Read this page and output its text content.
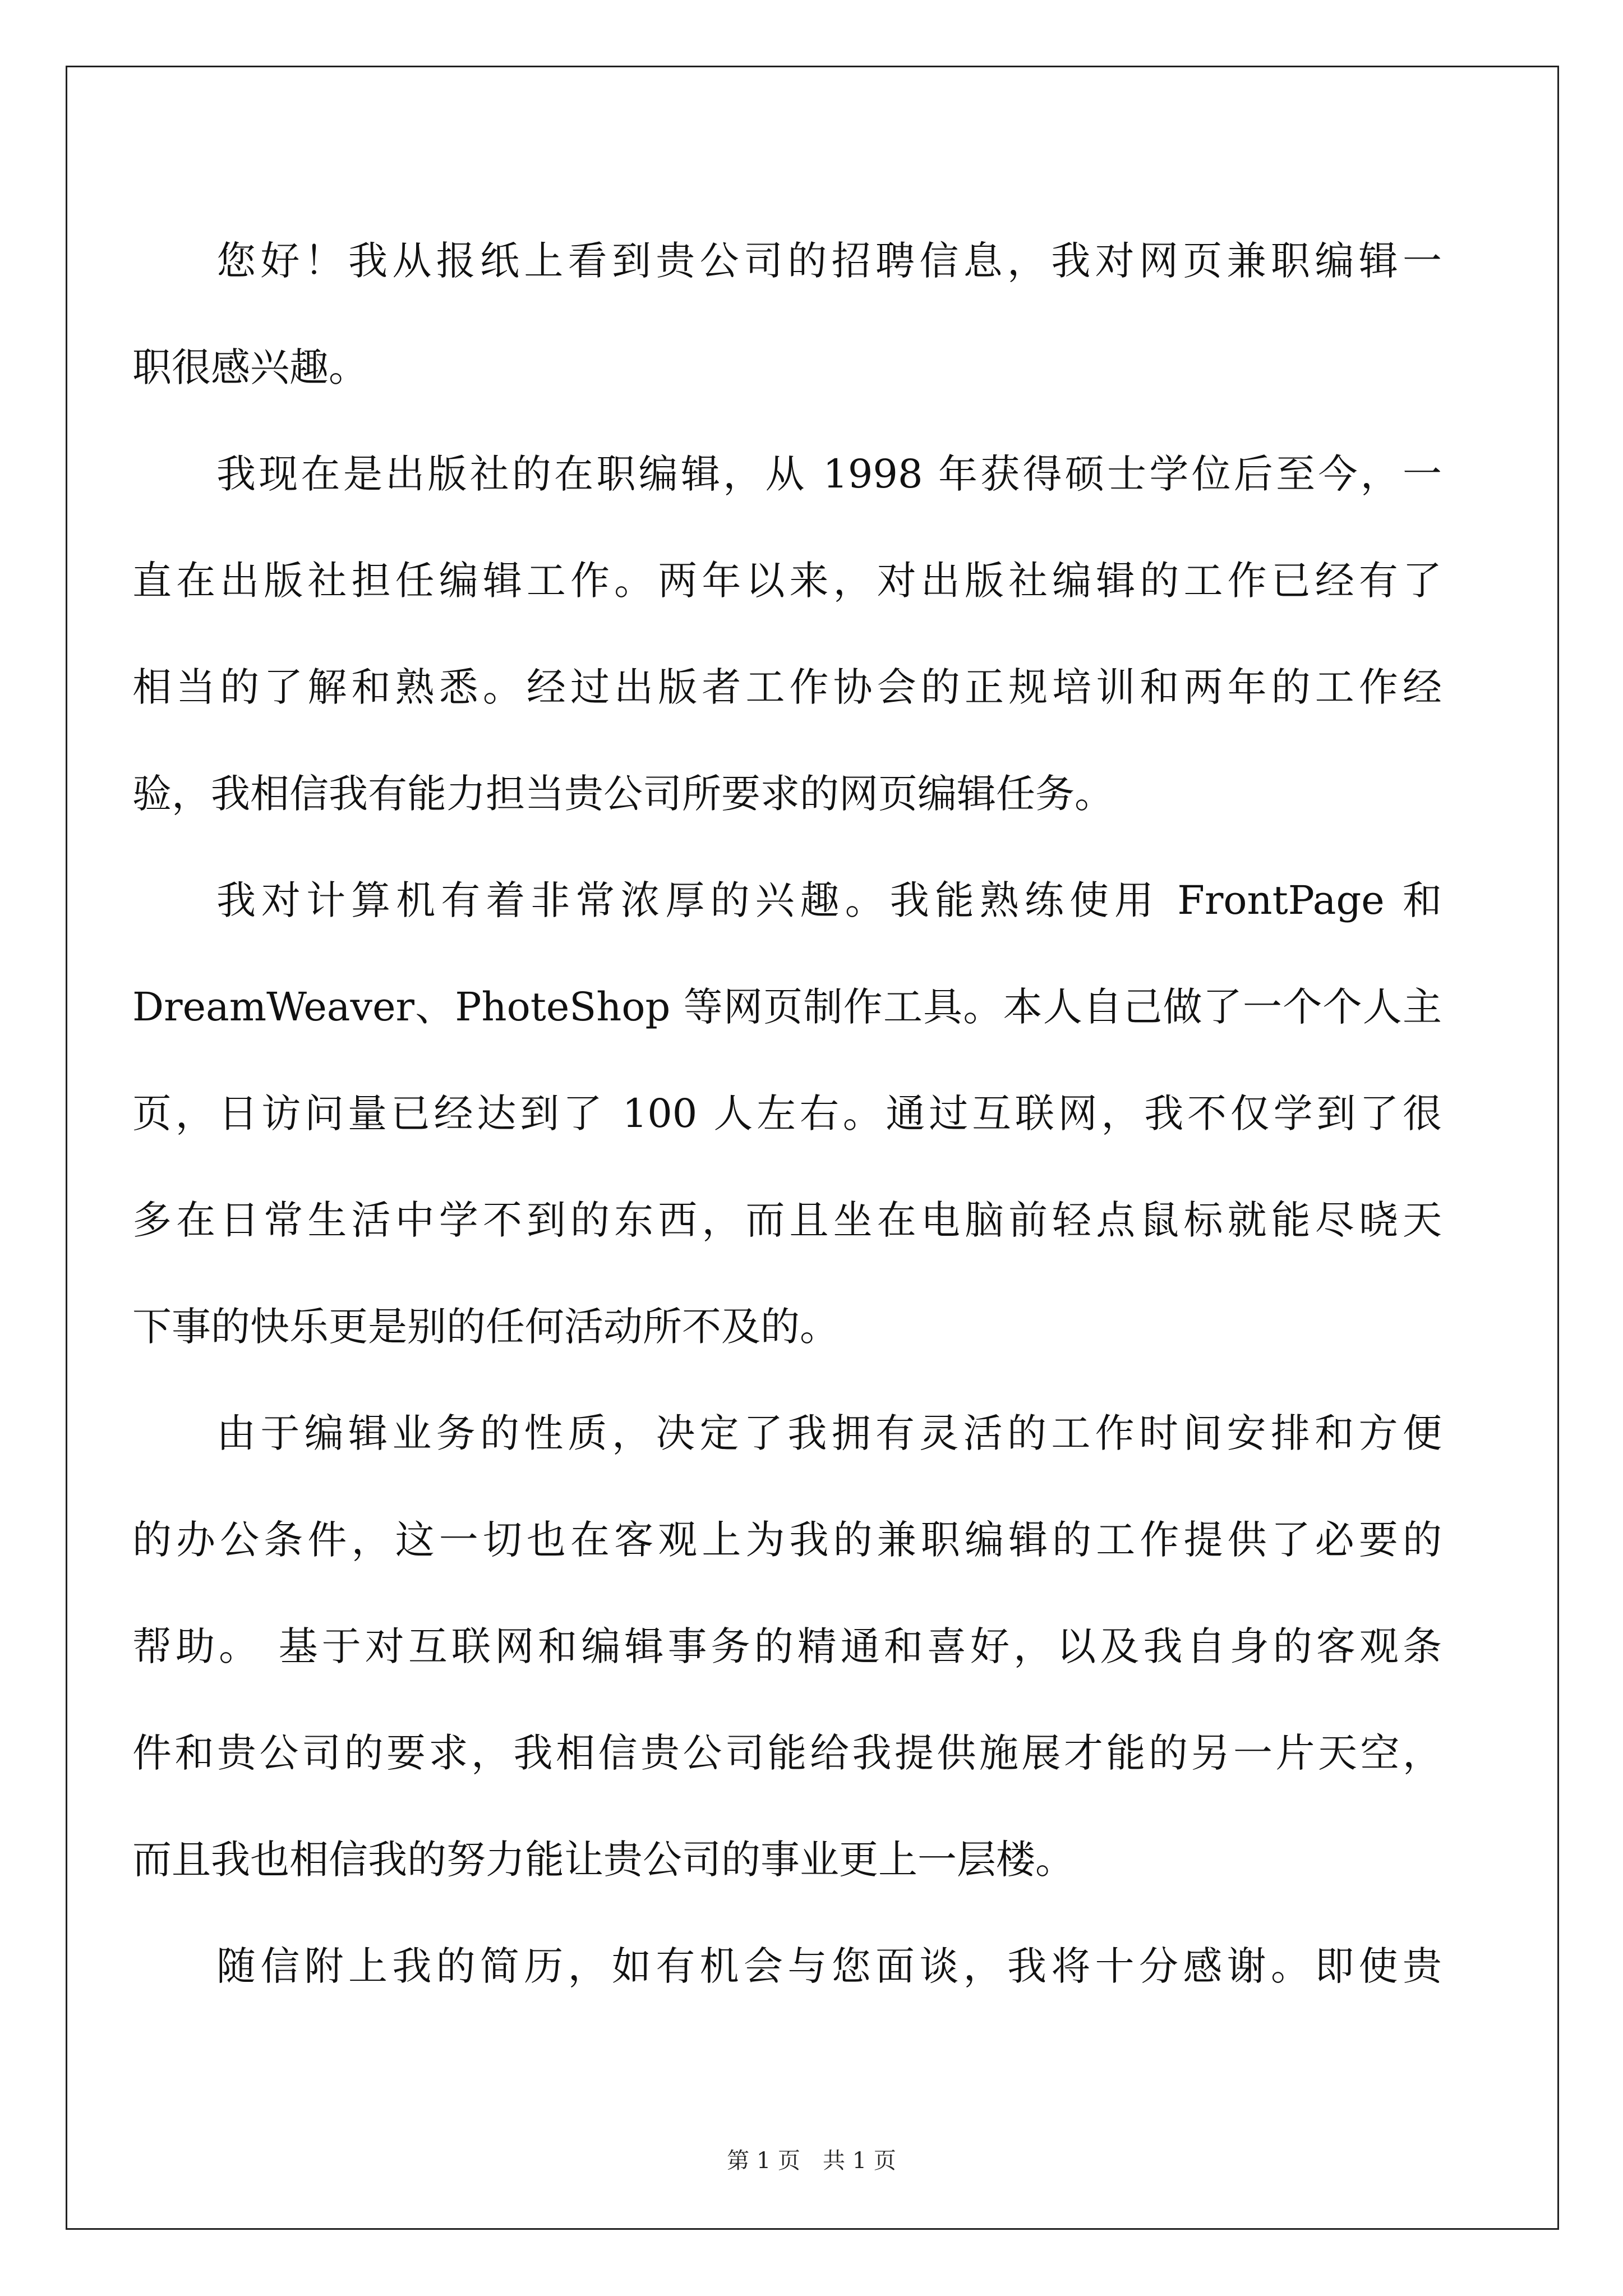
您好！我从报纸上看到贵公司的招聘信息，我对网页兼职编辑一
职很感兴趣。
我现在是出版社的在职编辑，从 1998 年获得硕士学位后至今，一
直在出版社担任编辑工作。两年以来，对出版社编辑的工作已经有了
相当的了解和熟悉。经过出版者工作协会的正规培训和两年的工作经
验，我相信我有能力担当贵公司所要求的网页编辑任务。
我对计算机有着非常浓厚的兴趣。我能熟练使用 FrontPage 和
DreamWeaver、PhoteShop 等网页制作工具。本人自己做了一个个人主
页，日访问量已经达到了 100 人左右。通过互联网，我不仅学到了很
多在日常生活中学不到的东西，而且坐在电脑前轻点鼠标就能尽晓天
下事的快乐更是别的任何活动所不及的。
由于编辑业务的性质，决定了我拥有灵活的工作时间安排和方便
的办公条件，这一切也在客观上为我的兼职编辑的工作提供了必要的
帮助。 基于对互联网和编辑事务的精通和喜好，以及我自身的客观条
件和贵公司的要求，我相信贵公司能给我提供施展才能的另一片天空，
而且我也相信我的努力能让贵公司的事业更上一层楼。
随信附上我的简历，如有机会与您面谈，我将十分感谢。即使贵
第 1 页 共 1 页
